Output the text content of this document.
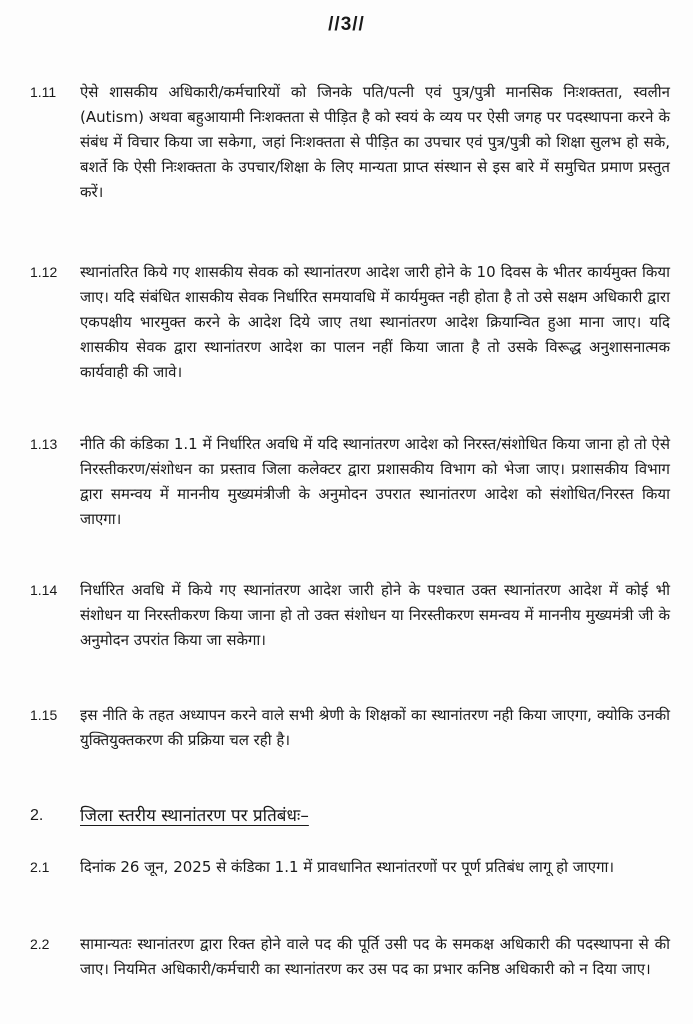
//3//
1.11	ऐसे शासकीय अधिकारी/कर्मचारियों को जिनके पति/पत्नी एवं पुत्र/पुत्री मानसिक निःशक्तता, स्वलीन (Autism) अथवा बहुआयामी निःशक्तता से पीड़ित है को स्वयं के व्यय पर ऐसी जगह पर पदस्थापना करने के संबंध में विचार किया जा सकेगा, जहां निःशक्तता से पीड़ित का उपचार एवं पुत्र/पुत्री को शिक्षा सुलभ हो सके, बशर्ते कि ऐसी निःशक्तता के उपचार/शिक्षा के लिए मान्यता प्राप्त संस्थान से इस बारे में समुचित प्रमाण प्रस्तुत करें।
1.12	स्थानांतरित किये गए शासकीय सेवक को स्थानांतरण आदेश जारी होने के 10 दिवस के भीतर कार्यमुक्त किया जाए। यदि संबंधित शासकीय सेवक निर्धारित समयावधि में कार्यमुक्त नही होता है तो उसे सक्षम अधिकारी द्वारा एकपक्षीय भारमुक्त करने के आदेश दिये जाए तथा स्थानांतरण आदेश क्रियान्वित हुआ माना जाए। यदि शासकीय सेवक द्वारा स्थानांतरण आदेश का पालन नहीं किया जाता है तो उसके विरूद्ध अनुशासनात्मक कार्यवाही की जावे।
1.13	नीति की कंडिका 1.1 में निर्धारित अवधि में यदि स्थानांतरण आदेश को निरस्त/संशोधित किया जाना हो तो ऐसे निरस्तीकरण/संशोधन का प्रस्ताव जिला कलेक्टर द्वारा प्रशासकीय विभाग को भेजा जाए। प्रशासकीय विभाग द्वारा समन्वय में माननीय मुख्यमंत्रीजी के अनुमोदन उपरात स्थानांतरण आदेश को संशोधित/निरस्त किया जाएगा।
1.14	निर्धारित अवधि में किये गए स्थानांतरण आदेश जारी होने के पश्चात उक्त स्थानांतरण आदेश में कोई भी संशोधन या निरस्तीकरण किया जाना हो तो उक्त संशोधन या निरस्तीकरण समन्वय में माननीय मुख्यमंत्री जी के अनुमोदन उपरांत किया जा सकेगा।
1.15	इस नीति के तहत अध्यापन करने वाले सभी श्रेणी के शिक्षकों का स्थानांतरण नही किया जाएगा, क्योकि उनकी युक्तियुक्तकरण की प्रक्रिया चल रही है।
2.	जिला स्तरीय स्थानांतरण पर प्रतिबंधः–
2.1	दिनांक 26 जून, 2025 से कंडिका 1.1 में प्रावधानित स्थानांतरणों पर पूर्ण प्रतिबंध लागू हो जाएगा।
2.2	सामान्यतः स्थानांतरण द्वारा रिक्त होने वाले पद की पूर्ति उसी पद के समकक्ष अधिकारी की पदस्थापना से की जाए। नियमित अधिकारी/कर्मचारी का स्थानांतरण कर उस पद का प्रभार कनिष्ठ अधिकारी को न दिया जाए।
